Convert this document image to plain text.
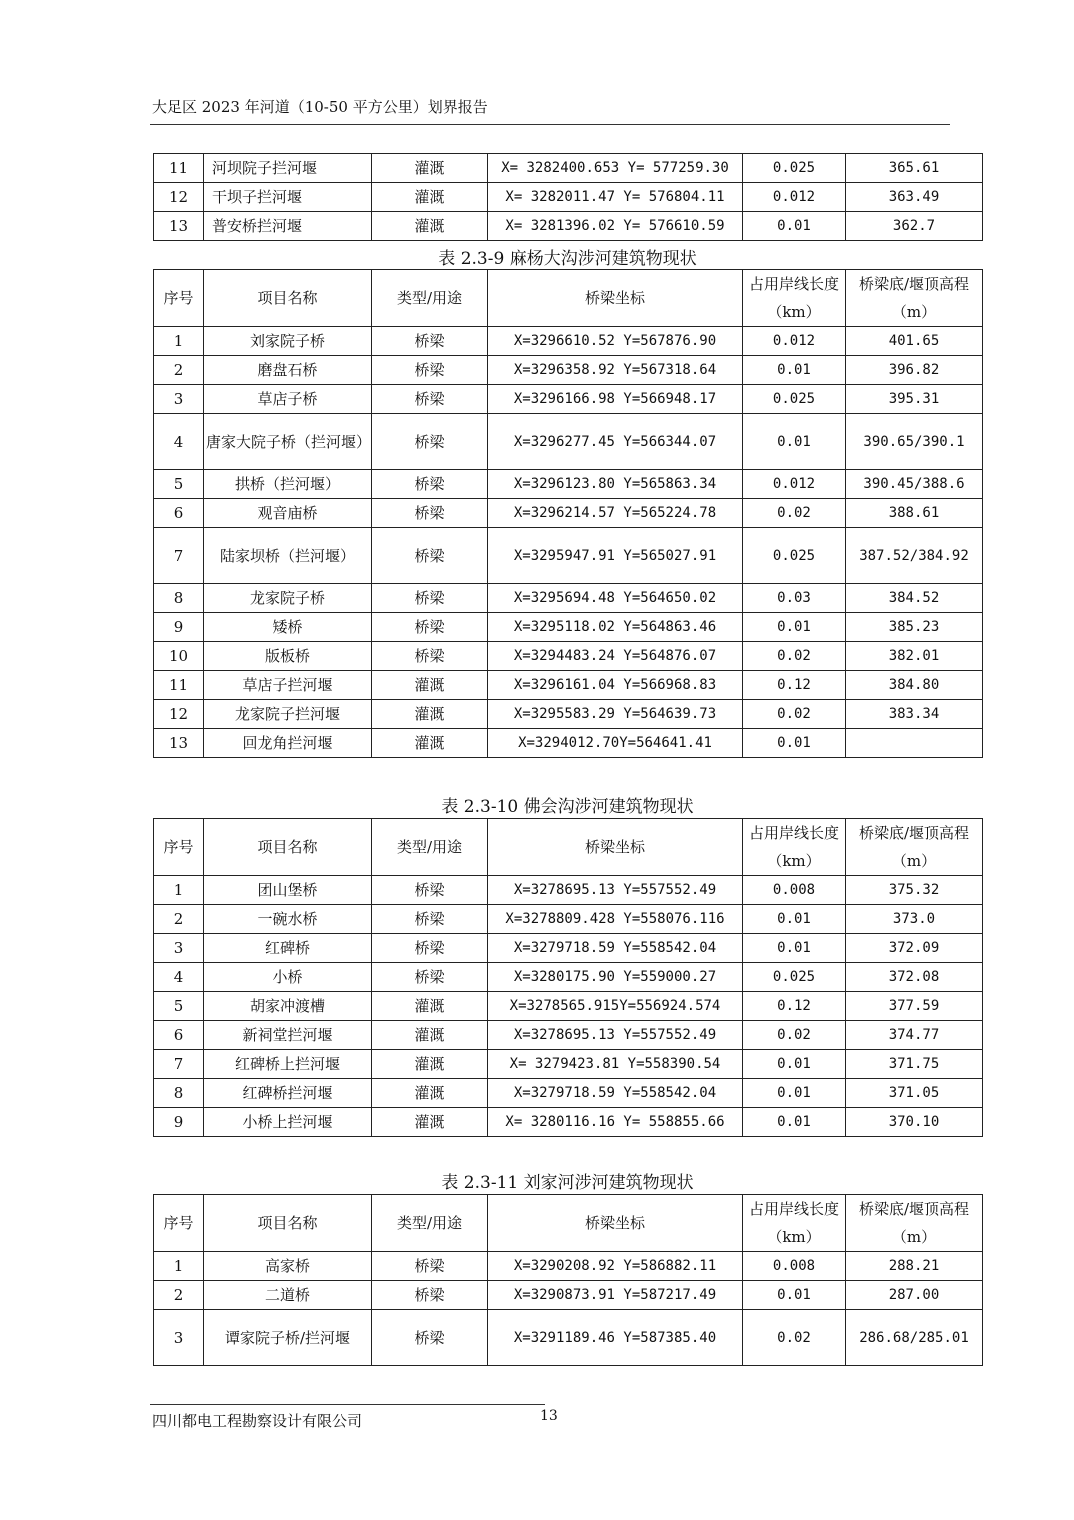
大足区 2023 年河道（10-50 平方公里）划界报告
11	河坝院子拦河堰	灌溉	X= 3282400.653 Y= 577259.30	0.025	365.61
12	干坝子拦河堰	灌溉	X= 3282011.47 Y= 576804.11	0.012	363.49
13	普安桥拦河堰	灌溉	X= 3281396.02 Y= 576610.59	0.01	362.7
表 2.3-9 麻杨大沟涉河建筑物现状
序号	项目名称	类型/用途	桥梁坐标	占用岸线长度（km）	桥梁底/堰顶高程（m）
1	刘家院子桥	桥梁	X=3296610.52 Y=567876.90	0.012	401.65
2	磨盘石桥	桥梁	X=3296358.92 Y=567318.64	0.01	396.82
3	草店子桥	桥梁	X=3296166.98 Y=566948.17	0.025	395.31
4	唐家大院子桥（拦河堰）	桥梁	X=3296277.45 Y=566344.07	0.01	390.65/390.1
5	拱桥（拦河堰）	桥梁	X=3296123.80 Y=565863.34	0.012	390.45/388.6
6	观音庙桥	桥梁	X=3296214.57 Y=565224.78	0.02	388.61
7	陆家坝桥（拦河堰）	桥梁	X=3295947.91 Y=565027.91	0.025	387.52/384.92
8	龙家院子桥	桥梁	X=3295694.48 Y=564650.02	0.03	384.52
9	矮桥	桥梁	X=3295118.02 Y=564863.46	0.01	385.23
10	版板桥	桥梁	X=3294483.24 Y=564876.07	0.02	382.01
11	草店子拦河堰	灌溉	X=3296161.04 Y=566968.83	0.12	384.80
12	龙家院子拦河堰	灌溉	X=3295583.29 Y=564639.73	0.02	383.34
13	回龙角拦河堰	灌溉	X=3294012.70Y=564641.41	0.01	
表 2.3-10 佛会沟涉河建筑物现状
序号	项目名称	类型/用途	桥梁坐标	占用岸线长度（km）	桥梁底/堰顶高程（m）
1	团山堡桥	桥梁	X=3278695.13 Y=557552.49	0.008	375.32
2	一碗水桥	桥梁	X=3278809.428 Y=558076.116	0.01	373.0
3	红碑桥	桥梁	X=3279718.59 Y=558542.04	0.01	372.09
4	小桥	桥梁	X=3280175.90 Y=559000.27	0.025	372.08
5	胡家冲渡槽	灌溉	X=3278565.915Y=556924.574	0.12	377.59
6	新祠堂拦河堰	灌溉	X=3278695.13 Y=557552.49	0.02	374.77
7	红碑桥上拦河堰	灌溉	X= 3279423.81 Y=558390.54	0.01	371.75
8	红碑桥拦河堰	灌溉	X=3279718.59 Y=558542.04	0.01	371.05
9	小桥上拦河堰	灌溉	X= 3280116.16 Y= 558855.66	0.01	370.10
表 2.3-11 刘家河涉河建筑物现状
序号	项目名称	类型/用途	桥梁坐标	占用岸线长度（km）	桥梁底/堰顶高程（m）
1	高家桥	桥梁	X=3290208.92 Y=586882.11	0.008	288.21
2	二道桥	桥梁	X=3290873.91 Y=587217.49	0.01	287.00
3	谭家院子桥/拦河堰	桥梁	X=3291189.46 Y=587385.40	0.02	286.68/285.01
四川都电工程勘察设计有限公司	13
